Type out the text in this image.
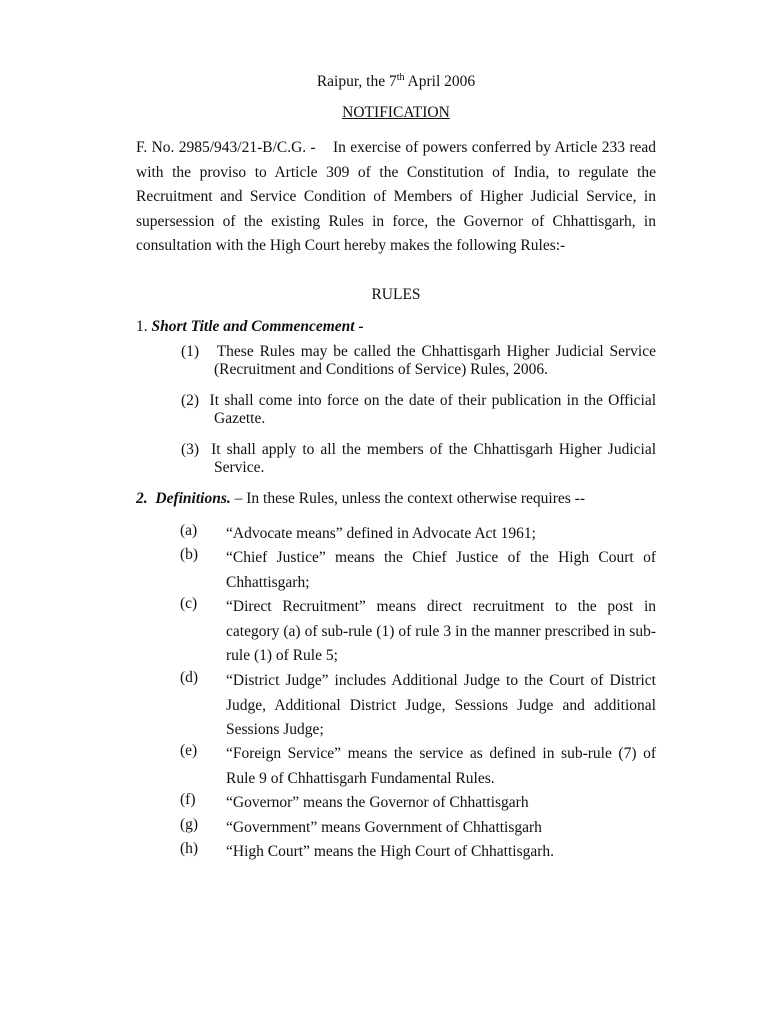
Raipur, the 7th April 2006
NOTIFICATION
F. No. 2985/943/21-B/C.G. - In exercise of powers conferred by Article 233 read with the proviso to Article 309 of the Constitution of India, to regulate the Recruitment and Service Condition of Members of Higher Judicial Service, in supersession of the existing Rules in force, the Governor of Chhattisgarh, in consultation with the High Court hereby makes the following Rules:-
RULES
1. Short Title and Commencement -
(1) These Rules may be called the Chhattisgarh Higher Judicial Service (Recruitment and Conditions of Service) Rules, 2006.
(2) It shall come into force on the date of their publication in the Official Gazette.
(3) It shall apply to all the members of the Chhattisgarh Higher Judicial Service.
2. Definitions. – In these Rules, unless the context otherwise requires --
(a) “Advocate means” defined in Advocate Act 1961;
(b) “Chief Justice” means the Chief Justice of the High Court of Chhattisgarh;
(c) “Direct Recruitment” means direct recruitment to the post in category (a) of sub-rule (1) of rule 3 in the manner prescribed in sub-rule (1) of Rule 5;
(d) “District Judge” includes Additional Judge to the Court of District Judge, Additional District Judge, Sessions Judge and additional Sessions Judge;
(e) “Foreign Service” means the service as defined in sub-rule (7) of Rule 9 of Chhattisgarh Fundamental Rules.
(f) “Governor” means the Governor of Chhattisgarh
(g) “Government” means Government of Chhattisgarh
(h) “High Court” means the High Court of Chhattisgarh.
